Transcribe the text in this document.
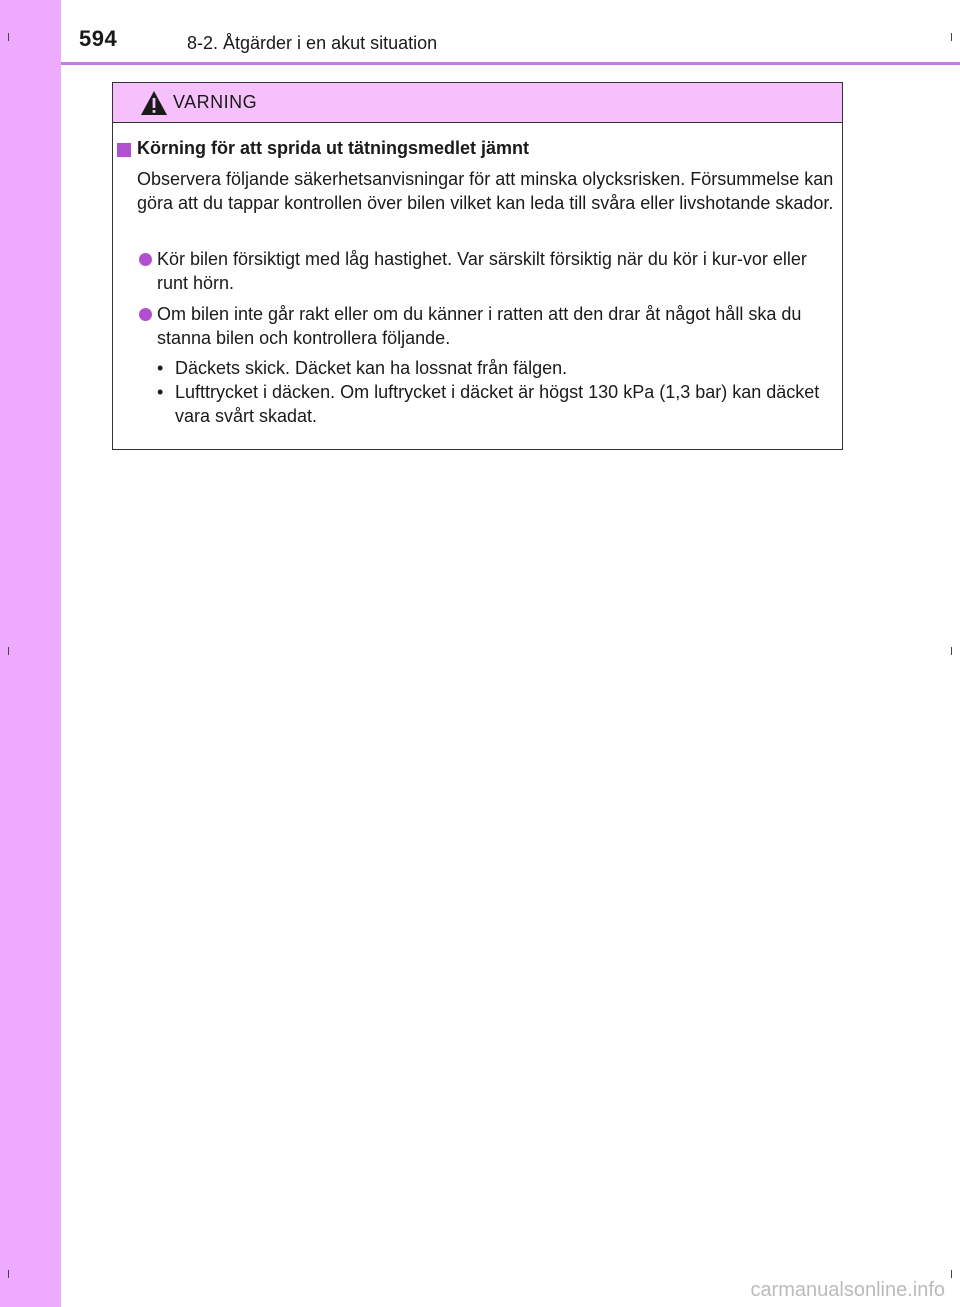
594	8-2. Åtgärder i en akut situation
VARNING
Körning för att sprida ut tätningsmedlet jämnt
Observera följande säkerhetsanvisningar för att minska olycksrisken. Försummelse kan göra att du tappar kontrollen över bilen vilket kan leda till svåra eller livshotande skador.
Kör bilen försiktigt med låg hastighet. Var särskilt försiktig när du kör i kur-vor eller runt hörn.
Om bilen inte går rakt eller om du känner i ratten att den drar åt något håll ska du stanna bilen och kontrollera följande.
• Däckets skick. Däcket kan ha lossnat från fälgen.
• Lufttrycket i däcken. Om luftrycket i däcket är högst 130 kPa (1,3 bar) kan däcket vara svårt skadat.
carmanualsonline.info
